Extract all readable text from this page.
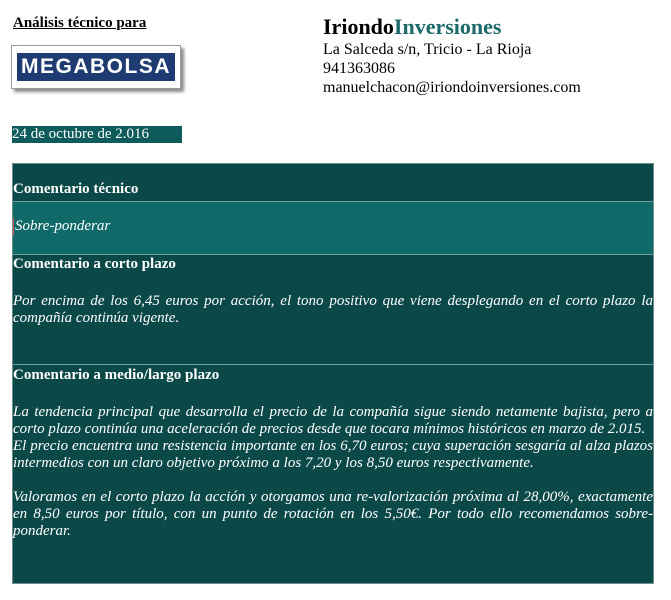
Análisis técnico para
MEGABOLSA
IriondoInversiones
La Salceda s/n, Tricio - La Rioja
941363086
manuelchacon@iriondoinversiones.com
24 de octubre de 2.016
Comentario técnico
Sobre-ponderar
Comentario a corto plazo

Por encima de los 6,45 euros por acción, el tono positivo que viene desplegando en el corto plazo la compañía continúa vigente.

Comentario a medio/largo plazo

La tendencia principal que desarrolla el precio de la compañía sigue siendo netamente bajista, pero a corto plazo continúa una aceleración de precios desde que tocara mínimos históricos en marzo de 2.015.

El precio encuentra una resistencia importante en los 6,70 euros; cuya superación sesgaría al alza plazos intermedios con un claro objetivo próximo a los 7,20 y los 8,50 euros respectivamente.

Valoramos en el corto plazo la acción y otorgamos una re-valorización próxima al 28,00%, exactamente en 8,50 euros por título, con un punto de rotación en los 5,50€. Por todo ello recomendamos sobre-ponderar.
